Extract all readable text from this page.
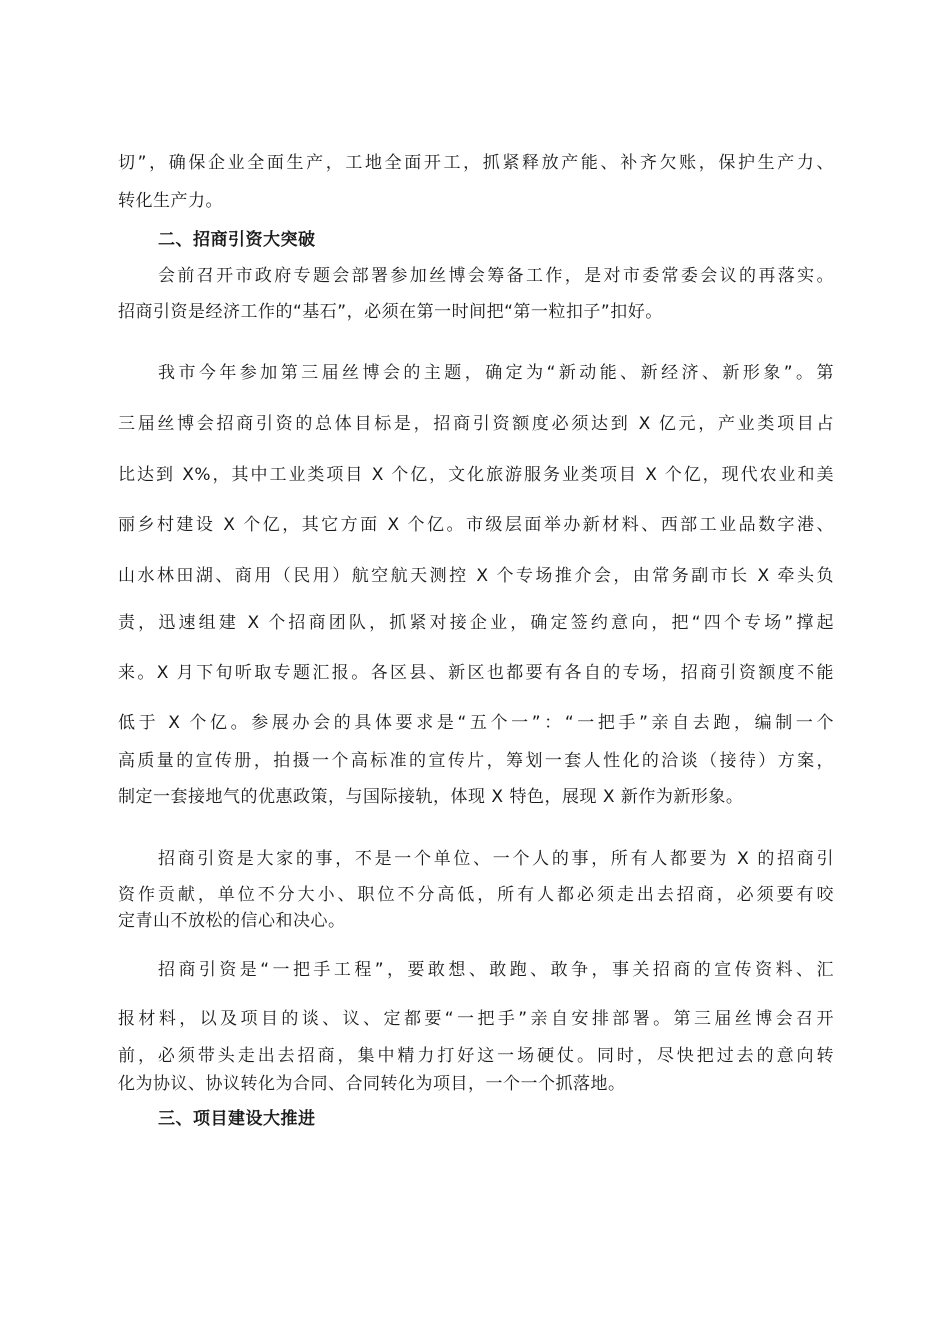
切”，确保企业全面生产，工地全面开工，抓紧释放产能、补齐欠账，保护生产力、
转化生产力。
二、招商引资大突破
会前召开市政府专题会部署参加丝博会筹备工作，是对市委常委会议的再落实。
招商引资是经济工作的“基石”，必须在第一时间把“第一粒扣子”扣好。
我市今年参加第三届丝博会的主题，确定为“新动能、新经济、新形象”。第
三届丝博会招商引资的总体目标是，招商引资额度必须达到 X 亿元，产业类项目占
比达到 X%，其中工业类项目 X 个亿，文化旅游服务业类项目 X 个亿，现代农业和美
丽乡村建设 X 个亿，其它方面 X 个亿。市级层面举办新材料、西部工业品数字港、
山水林田湖、商用（民用）航空航天测控 X 个专场推介会，由常务副市长 X 牵头负
责，迅速组建 X 个招商团队，抓紧对接企业，确定签约意向，把“四个专场”撑起
来。X 月下旬听取专题汇报。各区县、新区也都要有各自的专场，招商引资额度不能
低于 X 个亿。参展办会的具体要求是“五个一”：“一把手”亲自去跑，编制一个
高质量的宣传册，拍摄一个高标准的宣传片，筹划一套人性化的洽谈（接待）方案，
制定一套接地气的优惠政策，与国际接轨，体现 X 特色，展现 X 新作为新形象。
招商引资是大家的事，不是一个单位、一个人的事，所有人都要为 X 的招商引
资作贡献，单位不分大小、职位不分高低，所有人都必须走出去招商，必须要有咬
定青山不放松的信心和决心。
招商引资是“一把手工程”，要敢想、敢跑、敢争，事关招商的宣传资料、汇
报材料，以及项目的谈、议、定都要“一把手”亲自安排部署。第三届丝博会召开
前，必须带头走出去招商，集中精力打好这一场硬仗。同时，尽快把过去的意向转
化为协议、协议转化为合同、合同转化为项目，一个一个抓落地。
三、项目建设大推进
